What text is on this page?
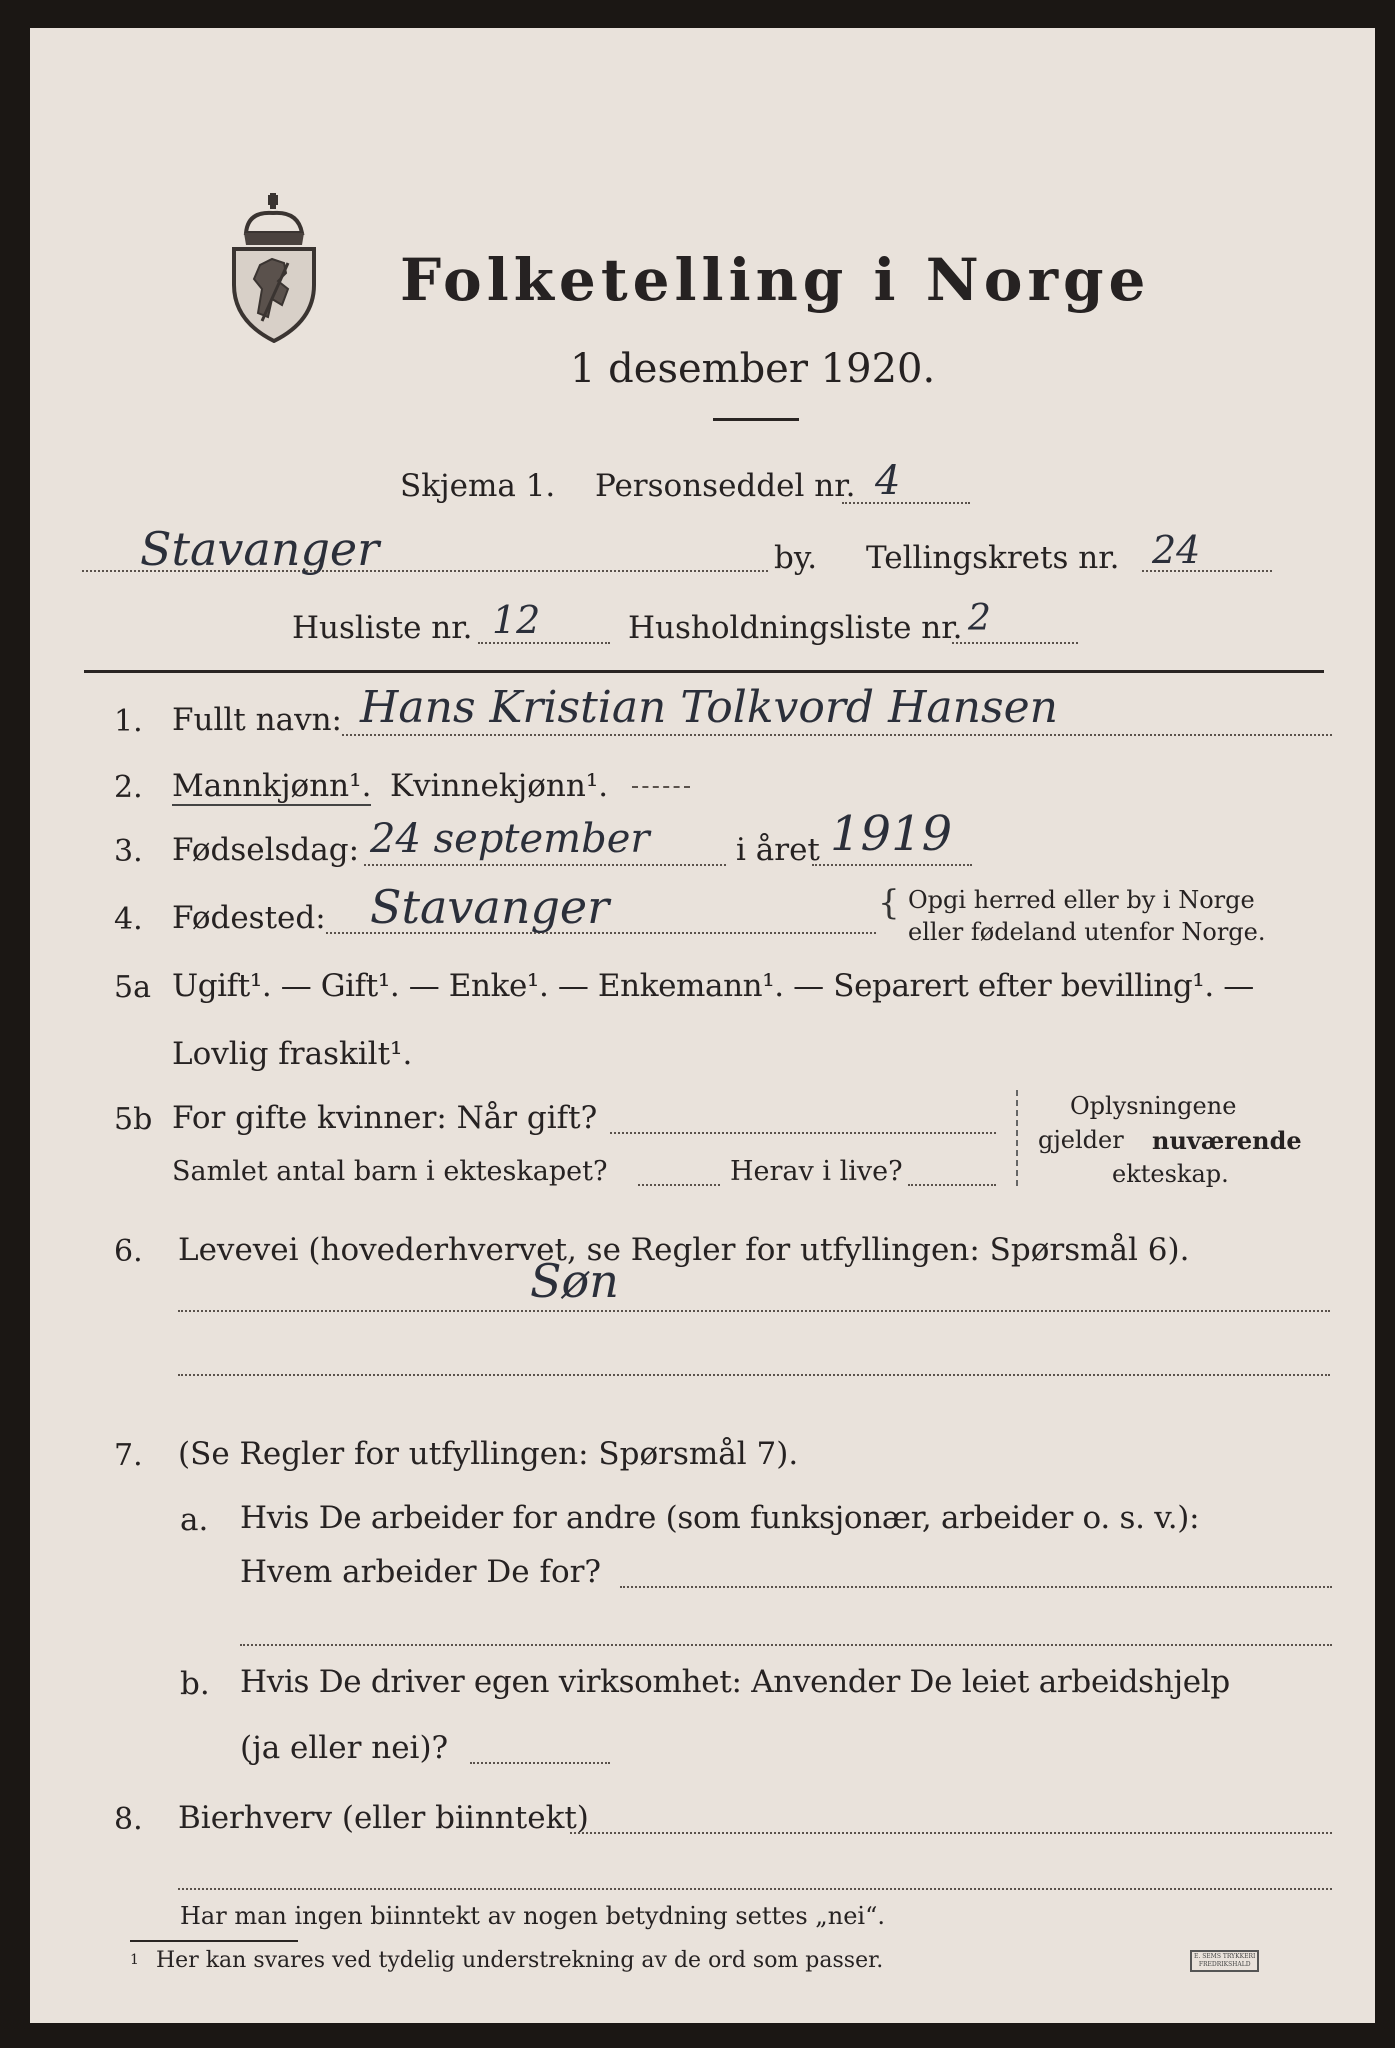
Folketelling i Norge
1 desember 1920.
Skjema 1. Personseddel nr. 4
Stavanger	by. Tellingskrets nr. 24
Husliste nr. 12	Husholdningsliste nr. 2
1. Fullt navn: Hans Kristian Tolkvord Hansen
2. Mannkjønn¹. Kvinnekjønn¹.
3. Fødselsdag: 24 september	i året 1919
4. Fødested: Stavanger	{ Opgi herred eller by i Norge
eller fødeland utenfor Norge.
5a Ugift¹. — Gift¹. — Enke¹. — Enkemann¹. — Separert efter bevilling¹. —
Lovlig fraskilt¹.
5b For gifte kvinner: Når gift?
Samlet antal barn i ekteskapet?	Herav i live?
Oplysningene
gjelder nuværende
ekteskap.
6. Levevei (hovederhvervet, se Regler for utfyllingen: Spørsmål 6).
Søn
7. (Se Regler for utfyllingen: Spørsmål 7).
a. Hvis De arbeider for andre (som funksjonær, arbeider o. s. v.):
Hvem arbeider De for?
b. Hvis De driver egen virksomhet: Anvender De leiet arbeidshjelp
(ja eller nei)?
8. Bierhverv (eller biinntekt)
Har man ingen biinntekt av nogen betydning settes „nei“.
1 Her kan svares ved tydelig understrekning av de ord som passer.	E. SEMS TRYKKERI
FREDRIKSHALD
